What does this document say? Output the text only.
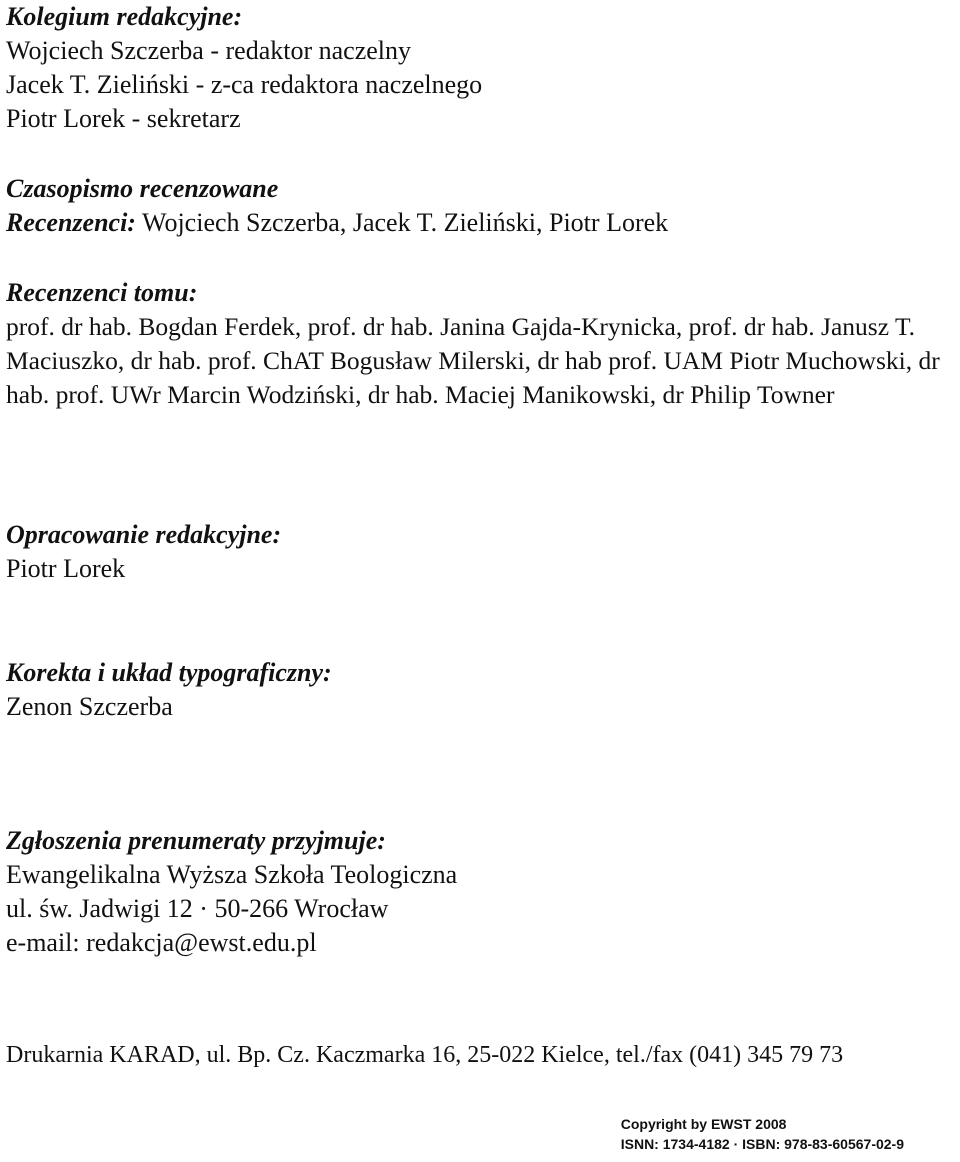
Kolegium redakcyjne:

Wojciech Szczerba - redaktor naczelny

Jacek T. Zieliński - z-ca redaktora naczelnego

Piotr Lorek - sekretarz

Czasopismo recenzowane

Recenzenci: Wojciech Szczerba, Jacek T. Zieliński, Piotr Lorek

Recenzenci tomu:

prof. dr hab. Bogdan Ferdek, prof. dr hab. Janina Gajda-Krynicka, prof. dr hab. Janusz T. Maciuszko, dr hab. prof. ChAT Bogusław Milerski, dr hab prof. UAM Piotr Muchowski, dr hab. prof. UWr Marcin Wodziński, dr hab. Maciej Manikowski, dr Philip Towner

Opracowanie redakcyjne:

Piotr Lorek

Korekta i układ typograficzny:

Zenon Szczerba

Zgłoszenia prenumeraty przyjmuje:

Ewangelikalna Wyższa Szkoła Teologiczna

ul. św. Jadwigi 12 · 50-266 Wrocław

e-mail: redakcja@ewst.edu.pl

Drukarnia KARAD, ul. Bp. Cz. Kaczmarka 16, 25-022 Kielce, tel./fax (041) 345 79 73

Copyright by EWST 2008
ISNN: 1734-4182 · ISBN: 978-83-60567-02-9
